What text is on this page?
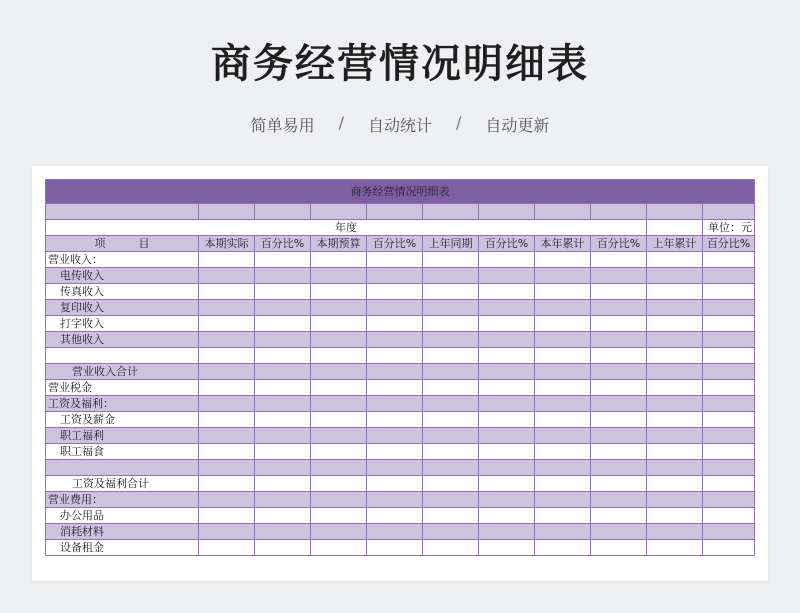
商务经营情况明细表
简单易用 / 自动统计 / 自动更新
商务经营情况明细表										

年度										单位：元
项　　　目	本期实际	百分比%	本期预算	百分比%	上年同期	百分比%	本年累计	百分比%	上年累计	百分比%
营业收入：										
电传收入										
传真收入										
复印收入										
打字收入										
其他收入										

营业收入合计										
营业税金										
工资及福利：										
工资及薪金										
职工福利										
职工福食										

工资及福利合计										
营业费用：										
办公用品										
消耗材料										
设备租金										
